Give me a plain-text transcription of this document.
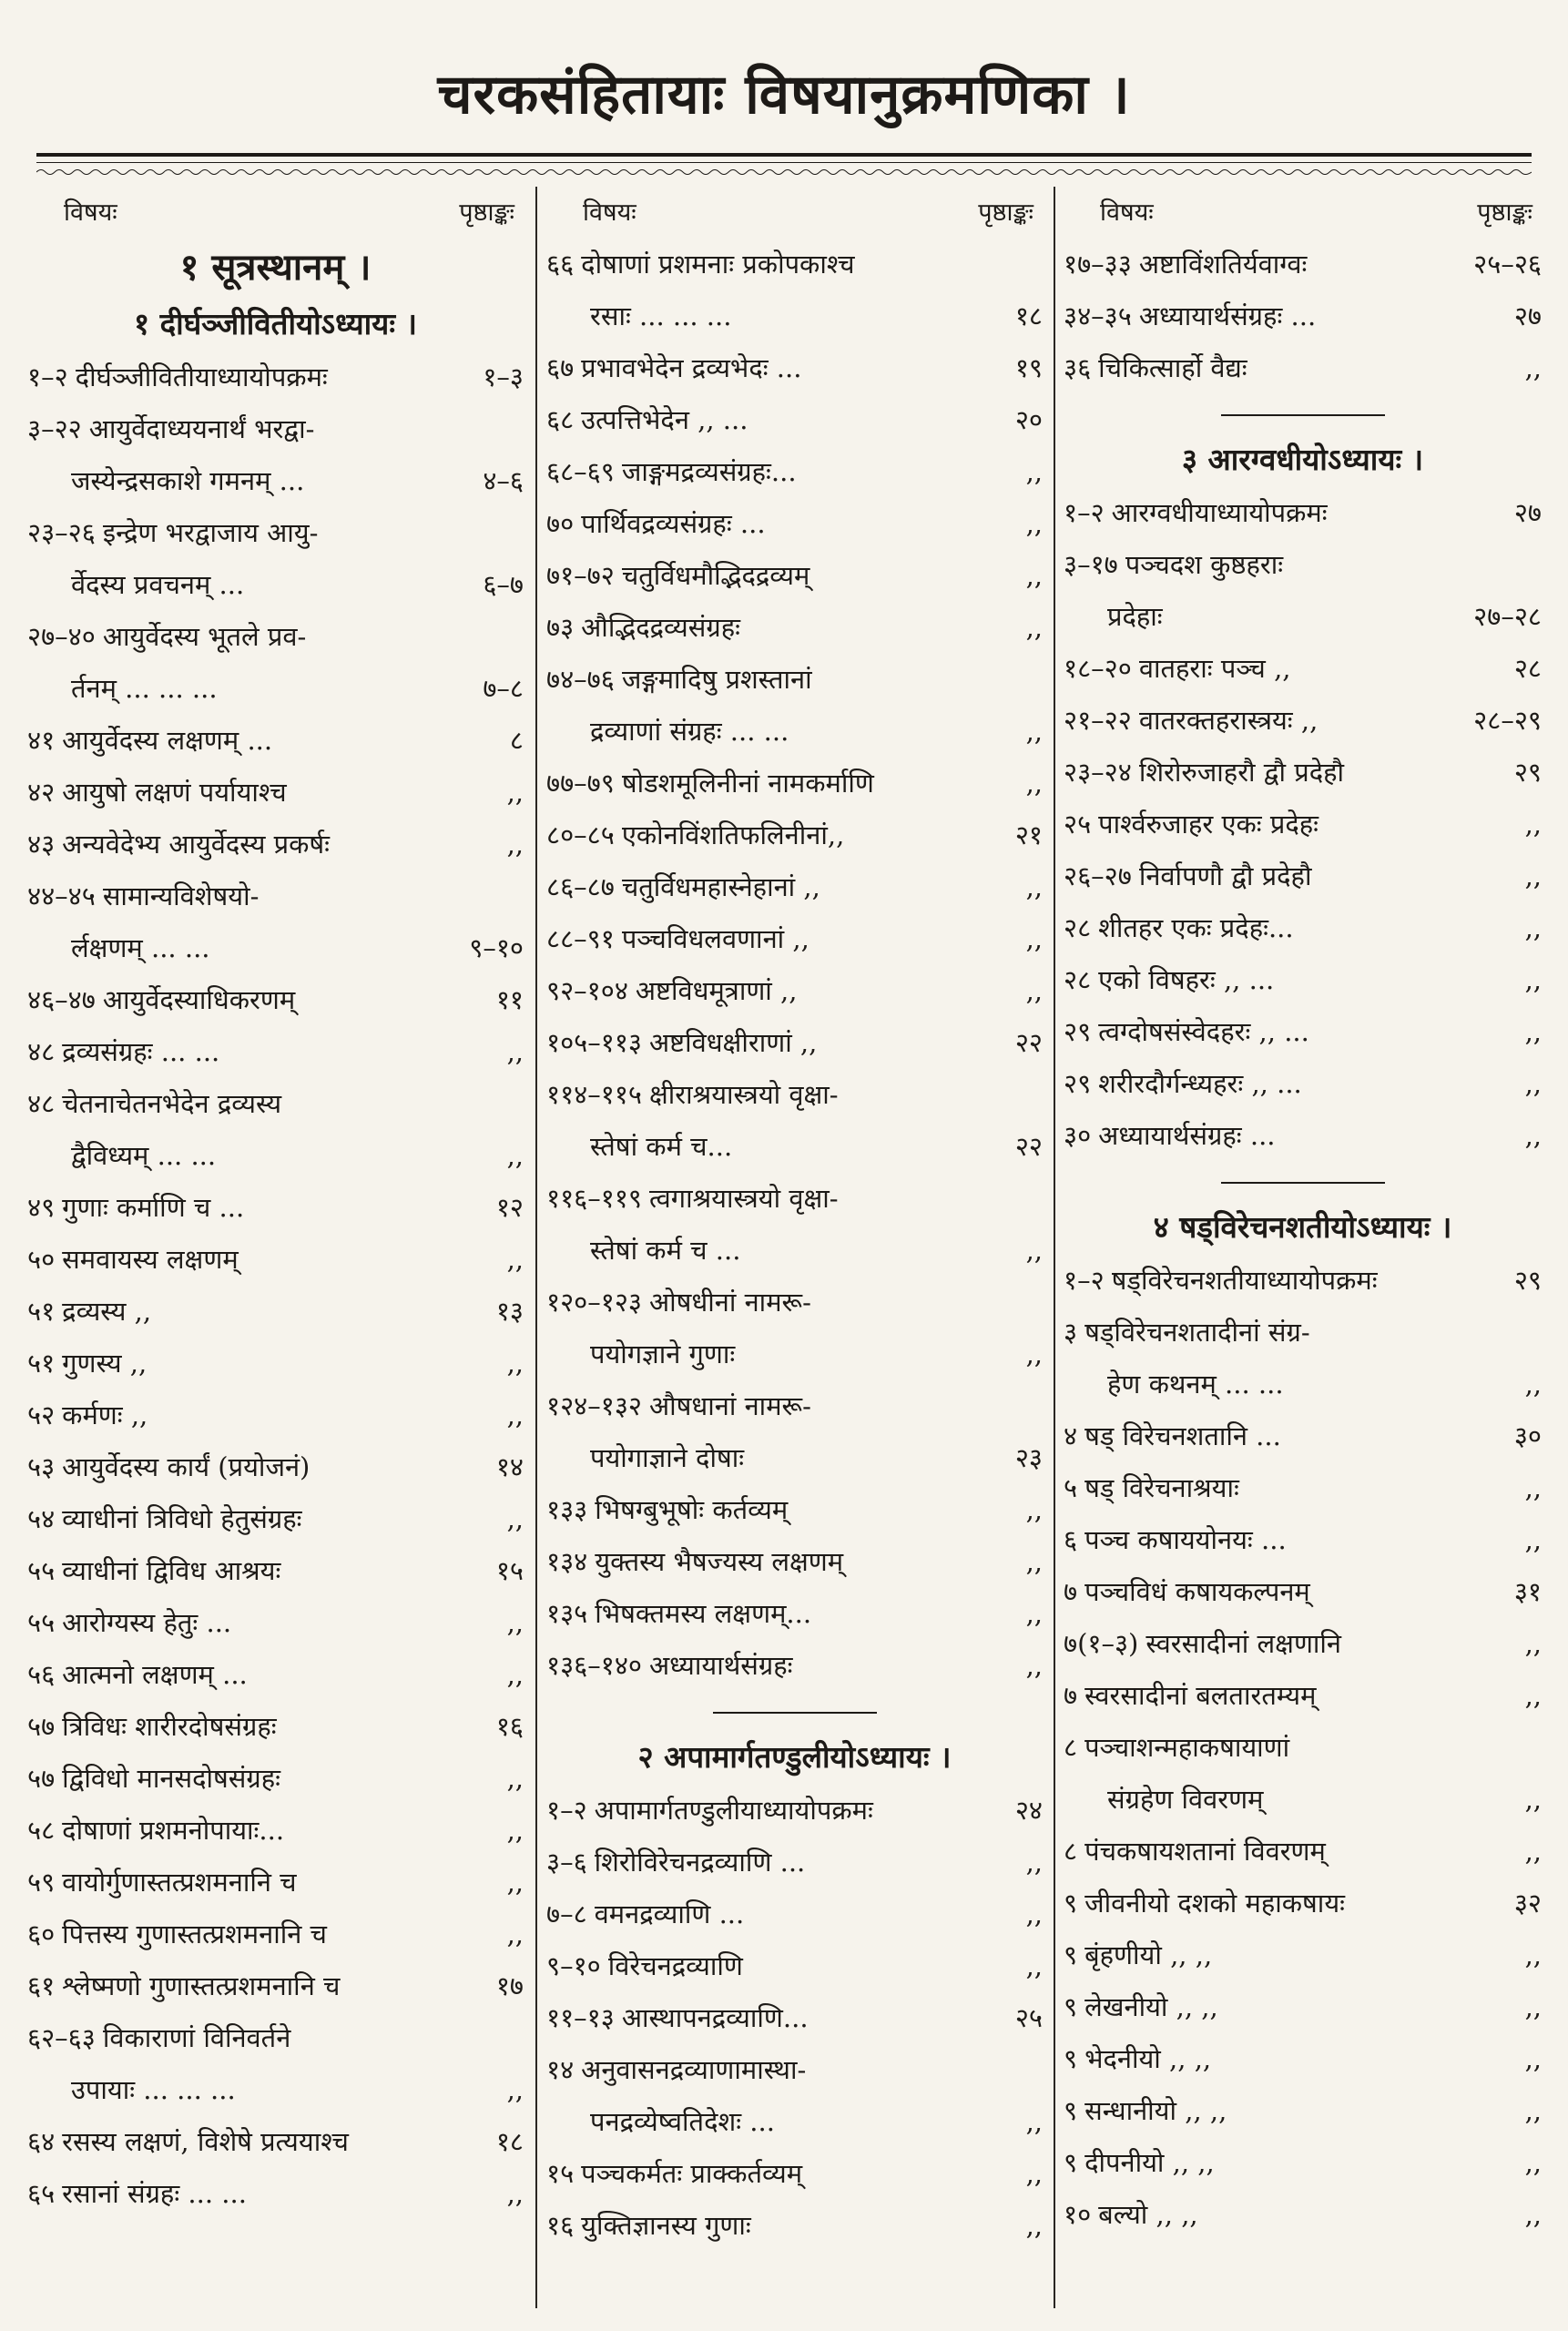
चरकसंहितायाः विषयानुक्रमणिका ।
विषयः	पृष्ठाङ्कः
१ सूत्रस्थानम् ।
१ दीर्घञ्जीवितीयोऽध्यायः ।
१–२ दीर्घञ्जीवितीयाध्यायोपक्रमः	१–३
३–२२ आयुर्वेदाध्ययनार्थं भरद्वा-
जस्येन्द्रसकाशे गमनम् ...	४–६
२३–२६ इन्द्रेण भरद्वाजाय आयु-
र्वेदस्य प्रवचनम् ...	६–७
२७–४० आयुर्वेदस्य भूतले प्रव-
र्तनम् ... ... ...	७–८
४१ आयुर्वेदस्य लक्षणम् ...	८
४२ आयुषो लक्षणं पर्यायाश्च	,,
४३ अन्यवेदेभ्य आयुर्वेदस्य प्रकर्षः	,,
४४–४५ सामान्यविशेषयो-
र्लक्षणम् ... ...	९–१०
४६–४७ आयुर्वेदस्याधिकरणम्	११
४८ द्रव्यसंग्रहः ... ...	,,
४८ चेतनाचेतनभेदेन द्रव्यस्य
द्वैविध्यम् ... ...	,,
४९ गुणाः कर्माणि च ...	१२
५० समवायस्य लक्षणम्	,,
५१ द्रव्यस्य ,,	१३
५१ गुणस्य ,,	,,
५२ कर्मणः ,,	,,
५३ आयुर्वेदस्य कार्यं (प्रयोजनं)	१४
५४ व्याधीनां त्रिविधो हेतुसंग्रहः	,,
५५ व्याधीनां द्विविध आश्रयः	१५
५५ आरोग्यस्य हेतुः ...	,,
५६ आत्मनो लक्षणम् ...	,,
५७ त्रिविधः शारीरदोषसंग्रहः	१६
५७ द्विविधो मानसदोषसंग्रहः	,,
५८ दोषाणां प्रशमनोपायाः...	,,
५९ वायोर्गुणास्तत्प्रशमनानि च	,,
६० पित्तस्य गुणास्तत्प्रशमनानि च	,,
६१ श्लेष्मणो गुणास्तत्प्रशमनानि च	१७
६२–६३ विकाराणां विनिवर्तने
उपायाः ... ... ...	,,
६४ रसस्य लक्षणं, विशेषे प्रत्ययाश्च	१८
६५ रसानां संग्रहः ... ...	,,
विषयः	पृष्ठाङ्कः
६६ दोषाणां प्रशमनाः प्रकोपकाश्च
रसाः ... ... ...	१८
६७ प्रभावभेदेन द्रव्यभेदः ...	१९
६८ उत्पत्तिभेदेन ,, ...	२०
६८–६९ जाङ्गमद्रव्यसंग्रहः...	,,
७० पार्थिवद्रव्यसंग्रहः ...	,,
७१–७२ चतुर्विधमौद्भिदद्रव्यम्	,,
७३ औद्भिदद्रव्यसंग्रहः	,,
७४–७६ जङ्गमादिषु प्रशस्तानां
द्रव्याणां संग्रहः ... ...	,,
७७–७९ षोडशमूलिनीनां नामकर्माणि	,,
८०–८५ एकोनविंशतिफलिनीनां,,	२१
८६–८७ चतुर्विधमहास्नेहानां ,,	,,
८८–९१ पञ्चविधलवणानां ,,	,,
९२–१०४ अष्टविधमूत्राणां ,,	,,
१०५–११३ अष्टविधक्षीराणां ,,	२२
११४–११५ क्षीराश्रयास्त्रयो वृक्षा-
स्तेषां कर्म च...	२२
११६–११९ त्वगाश्रयास्त्रयो वृक्षा-
स्तेषां कर्म च ...	,,
१२०–१२३ ओषधीनां नामरू-
पयोगज्ञाने गुणाः	,,
१२४–१३२ औषधानां नामरू-
पयोगाज्ञाने दोषाः	२३
१३३ भिषग्बुभूषोः कर्तव्यम्	,,
१३४ युक्तस्य भैषज्यस्य लक्षणम्	,,
१३५ भिषक्तमस्य लक्षणम्...	,,
१३६–१४० अध्यायार्थसंग्रहः	,,
२ अपामार्गतण्डुलीयोऽध्यायः ।
१–२ अपामार्गतण्डुलीयाध्यायोपक्रमः	२४
३–६ शिरोविरेचनद्रव्याणि ...	,,
७–८ वमनद्रव्याणि ...	,,
९–१० विरेचनद्रव्याणि	,,
११–१३ आस्थापनद्रव्याणि...	२५
१४ अनुवासनद्रव्याणामास्था-
पनद्रव्येष्वतिदेशः ...	,,
१५ पञ्चकर्मतः प्राक्कर्तव्यम्	,,
१६ युक्तिज्ञानस्य गुणाः	,,
विषयः	पृष्ठाङ्कः
१७–३३ अष्टाविंशतिर्यवाग्वः	२५–२६
३४–३५ अध्यायार्थसंग्रहः ...	२७
३६ चिकित्सार्हो वैद्यः	,,
३ आरग्वधीयोऽध्यायः ।
१–२ आरग्वधीयाध्यायोपक्रमः	२७
३–१७ पञ्चदश कुष्ठहराः
प्रदेहाः	२७–२८
१८–२० वातहराः पञ्च ,,	२८
२१–२२ वातरक्तहरास्त्रयः ,,	२८–२९
२३–२४ शिरोरुजाहरौ द्वौ प्रदेहौ	२९
२५ पार्श्वरुजाहर एकः प्रदेहः	,,
२६–२७ निर्वापणौ द्वौ प्रदेहौ	,,
२८ शीतहर एकः प्रदेहः...	,,
२८ एको विषहरः ,, ...	,,
२९ त्वग्दोषसंस्वेदहरः ,, ...	,,
२९ शरीरदौर्गन्ध्यहरः ,, ...	,,
३० अध्यायार्थसंग्रहः ...	,,
४ षड्विरेचनशतीयोऽध्यायः ।
१–२ षड्विरेचनशतीयाध्यायोपक्रमः	२९
३ षड्विरेचनशतादीनां संग्र-
हेण कथनम् ... ...	,,
४ षड् विरेचनशतानि ...	३०
५ षड् विरेचनाश्रयाः	,,
६ पञ्च कषाययोनयः ...	,,
७ पञ्चविधं कषायकल्पनम्	३१
७(१–३) स्वरसादीनां लक्षणानि	,,
७ स्वरसादीनां बलतारतम्यम्	,,
८ पञ्चाशन्महाकषायाणां
संग्रहेण विवरणम्	,,
८ पंचकषायशतानां विवरणम्	,,
९ जीवनीयो दशको महाकषायः	३२
९ बृंहणीयो ,, ,,	,,
९ लेखनीयो ,, ,,	,,
९ भेदनीयो ,, ,,	,,
९ सन्धानीयो ,, ,,	,,
९ दीपनीयो ,, ,,	,,
१० बल्यो ,, ,,	,,
